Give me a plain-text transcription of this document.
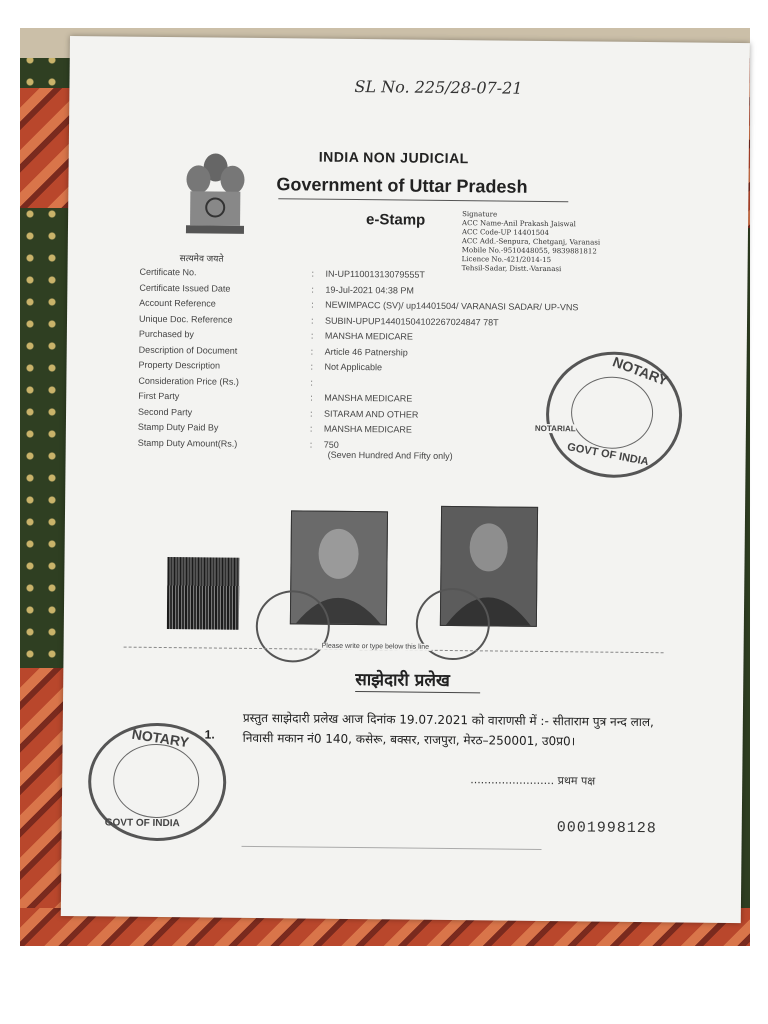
SL No. 225/28-07-21
सत्यमेव जयते
INDIA NON JUDICIAL
Government of Uttar Pradesh
e-Stamp	Signature
ACC Name-Anil Prakash Jaiswal
ACC Code-UP 14401504
ACC Add.-Senpura, Chetganj, Varanasi
Mobile No.-9510448055, 9839881812
Licence No.-421/2014-15
Tehsil-Sadar, Distt.-Varanasi
Certificate No.	: IN-UP11001313079555T
Certificate Issued Date	: 19-Jul-2021 04:38 PM
Account Reference	: NEWIMPACC (SV)/ up14401504/ VARANASI SADAR/ UP-VNS
Unique Doc. Reference	: SUBIN-UPUP14401504102267024847 78T
Purchased by	: MANSHA MEDICARE
Description of Document	: Article 46 Patnership
Property Description	: Not Applicable
Consideration Price (Rs.)	:
First Party	: MANSHA MEDICARE
Second Party	: SITARAM AND OTHER
Stamp Duty Paid By	: MANSHA MEDICARE
Stamp Duty Amount(Rs.)	: 750
(Seven Hundred And Fifty only)
NOTARY
GOVT OF INDIA
NOTARIAL
Please write or type below this line
साझेदारी प्रलेख
1.
प्रस्तुत साझेदारी प्रलेख आज दिनांक 19.07.2021 को वाराणसी में :- सीताराम पुत्र नन्द लाल, निवासी मकान नं0 140, कसेरू, बक्सर, राजपुरा, मेरठ–250001, उ0प्र0।
........................ प्रथम पक्ष
NOTARY
GOVT OF INDIA	0001998128
